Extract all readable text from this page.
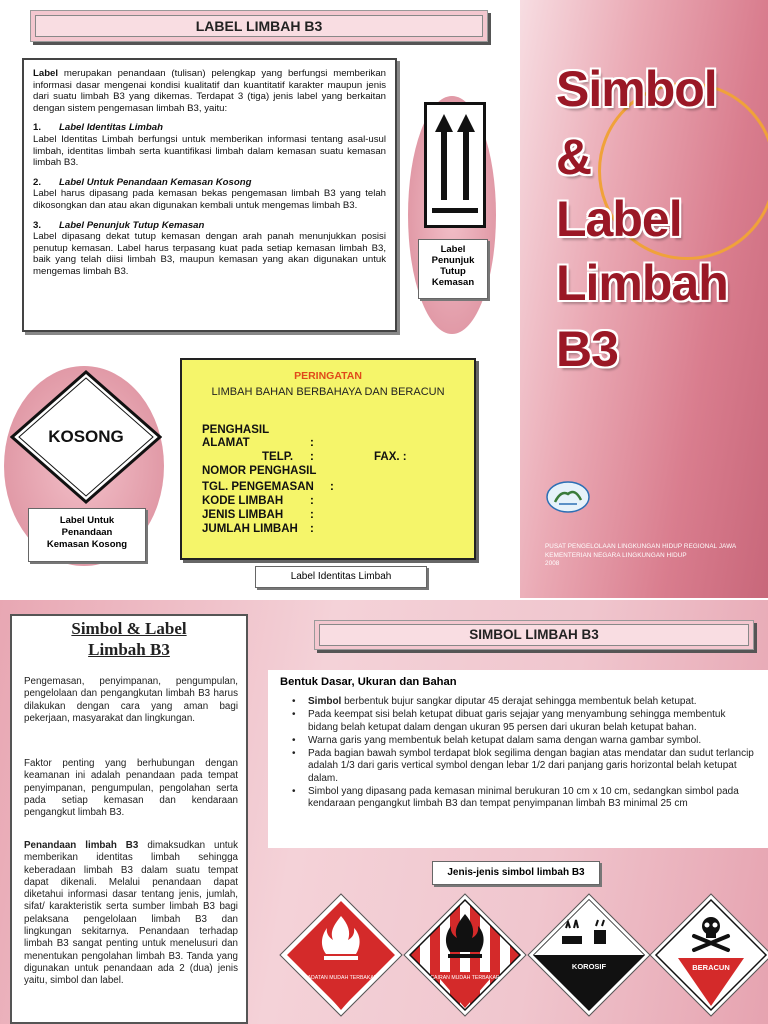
Simbol
&
Label
Limbah
B3
PUSAT PENGELOLAAN LINGKUNGAN HIDUP REGIONAL JAWA
KEMENTERIAN NEGARA LINGKUNGAN HIDUP
2008
LABEL LIMBAH B3

Label merupakan penandaan (tulisan) pelengkap yang berfungsi memberikan informasi dasar mengenai kondisi kualitatif dan kuantitatif karakter maupun jenis dari suatu limbah B3 yang dikemas. Terdapat 3 (tiga) jenis label yang berkaitan dengan sistem pengemasan limbah B3, yaitu:

1. Label Identitas Limbah

Label Identitas Limbah berfungsi untuk memberikan informasi tentang asal-usul limbah, identitas limbah serta kuantifikasi limbah dalam kemasan suatu kemasan limbah B3.

2. Label Untuk Penandaan Kemasan Kosong

Label harus dipasang pada kemasan bekas pengemasan limbah B3 yang telah dikosongkan dan atau akan digunakan kembali untuk mengemas limbah B3.

3. Label Penunjuk Tutup Kemasan

Label dipasang dekat tutup kemasan dengan arah panah menunjukkan posisi penutup kemasan. Label harus terpasang kuat pada setiap kemasan limbah B3, baik yang telah diisi limbah B3, maupun kemasan yang akan digunakan untuk mengemas limbah B3.

Label
Penunjuk
Tutup
Kemasan
KOSONG
Label Untuk
Penandaan
Kemasan Kosong
PERINGATAN
LIMBAH BAHAN BERBAHAYA DAN BERACUN
PENGHASIL
ALAMAT	:
TELP. :	FAX. :
NOMOR PENGHASIL
TGL. PENGEMASAN :
KODE LIMBAH :
JENIS LIMBAH :
JUMLAH LIMBAH :
Label Identitas Limbah
Simbol & Label
Limbah B3
Pengemasan, penyimpanan, pengumpulan, pengelolaan dan pengangkutan limbah B3 harus dilakukan dengan cara yang aman bagi pekerjaan, masyarakat dan lingkungan.
Faktor penting yang berhubungan dengan keamanan ini adalah penandaan pada tempat penyimpanan, pengumpulan, pengolahan serta pada setiap kemasan dan kendaraan pengangkut limbah B3.
Penandaan limbah B3 dimaksudkan untuk memberikan identitas limbah sehingga keberadaan limbah B3 dalam suatu tempat dapat dikenali. Melalui penandaan dapat diketahui informasi dasar tentang jenis, jumlah, sifat/ karakteristik serta sumber limbah B3 bagi pelaksana pengelolaan limbah B3 dan lingkungan sekitarnya. Penandaan terhadap limbah B3 sangat penting untuk menelusuri dan menentukan pengolahan limbah B3. Tanda yang digunakan untuk penandaan ada 2 (dua) jenis yaitu, simbol dan label.
SIMBOL LIMBAH B3
Bentuk Dasar, Ukuran dan Bahan
• Simbol berbentuk bujur sangkar diputar 45 derajat sehingga membentuk belah ketupat.
• Pada keempat sisi belah ketupat dibuat garis sejajar yang menyambung sehingga membentuk bidang belah ketupat dalam dengan ukuran 95 persen dari ukuran belah ketupat bahan.
• Warna garis yang membentuk belah ketupat dalam sama dengan warna gambar symbol.
• Pada bagian bawah symbol terdapat blok segilima dengan bagian atas mendatar dan sudut terlancip adalah 1/3 dari garis vertical symbol dengan lebar 1/2 dari panjang garis horizontal belah ketupat dalam.
• Simbol yang dipasang pada kemasan minimal berukuran 10 cm x 10 cm, sedangkan simbol pada kendaraan pengangkut limbah B3 dan tempat penyimpanan limbah B3 minimal 25 cm
Jenis-jenis simbol limbah B3
PADATAN MUDAH TERBAKAR	CAIRAN MUDAH TERBAKAR
KOROSIF	BERACUN
